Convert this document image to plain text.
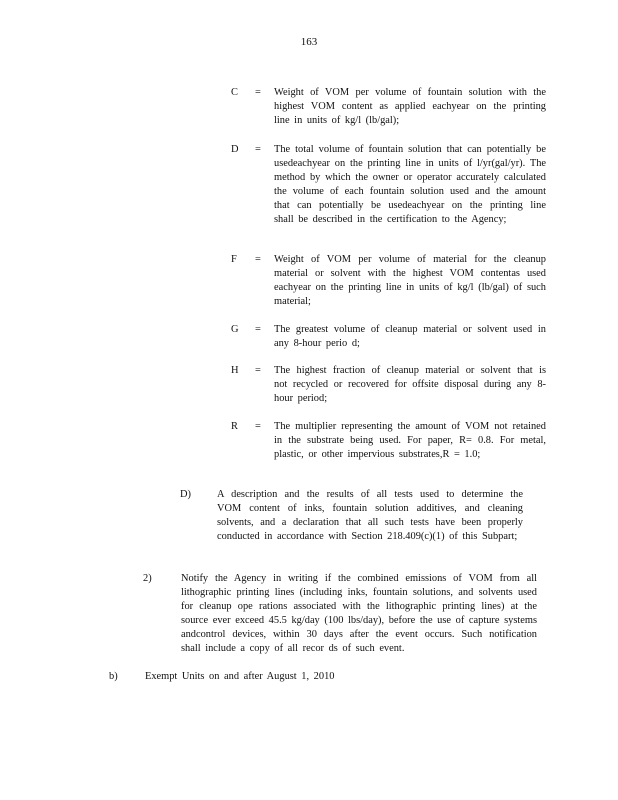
163
C	=	Weight of VOM per volume of fountain solution with the highest VOM content as applied eachyear on the printing line in units of kg/l (lb/gal);
D	=	The total volume of fountain solution that can potentially be usedeachyear on the printing line in units of l/yr(gal/yr). The method by which the owner or operator accurately calculated the volume of each fountain solution used and the amount that can potentially be usedeachyear on the printing line shall be described in the certification to the Agency;
F	=	Weight of VOM per volume of material for the cleanup material or solvent with the highest VOM contentas used eachyear on the printing line in units of kg/l (lb/gal) of such material;
G	=	The greatest volume of cleanup material or solvent used in any 8-hour perio d;
H	=	The highest fraction of cleanup material or solvent that is not recycled or recovered for offsite disposal during any 8-hour period;
R	=	The multiplier representing the amount of VOM not retained in the substrate being used. For paper, R= 0.8. For metal, plastic, or other impervious substrates,R = 1.0;
D)	A description and the results of all tests used to determine the VOM content of inks, fountain solution additives, and cleaning solvents, and a declaration that all such tests have been properly conducted in accordance with Section 218.409(c)(1) of this Subpart;
2)	Notify the Agency in writing if the combined emissions of VOM from all lithographic printing lines (including inks, fountain solutions, and solvents used for cleanup ope rations associated with the lithographic printing lines) at the source ever exceed 45.5 kg/day (100 lbs/day), before the use of capture systems andcontrol devices, within 30 days after the event occurs. Such notification shall include a copy of all recor ds of such event.
b)	Exempt Units on and after August 1, 2010
